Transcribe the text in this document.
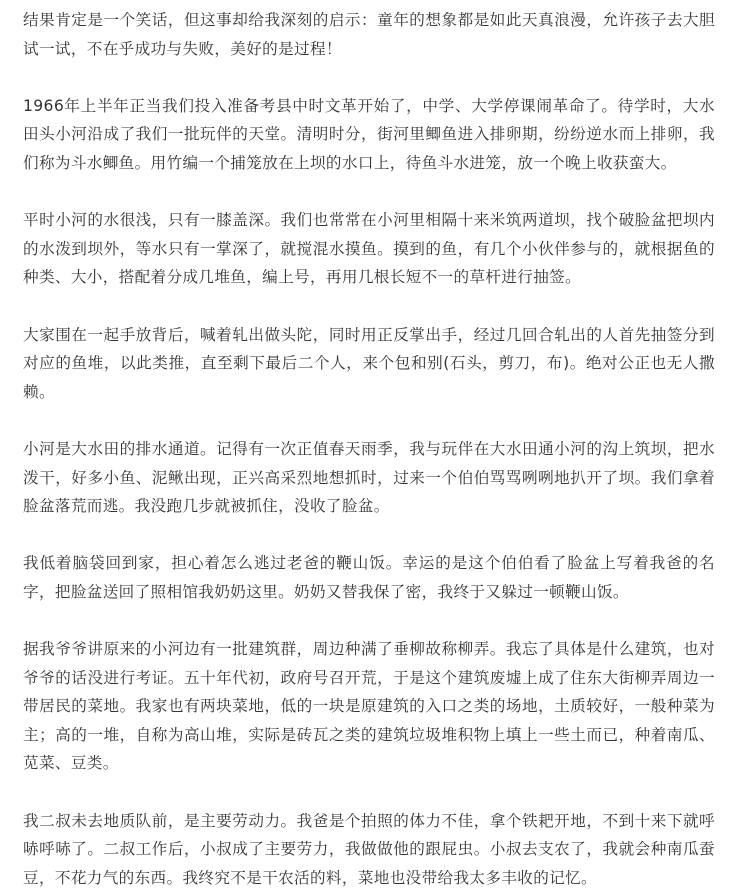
结果肯定是一个笑话，但这事却给我深刻的启示：童年的想象都是如此天真浪漫，允许孩子去大胆试一试，不在乎成功与失败，美好的是过程！

1966年上半年正当我们投入准备考县中时文革开始了，中学、大学停课闹革命了。待学时，大水田头小河沿成了我们一批玩伴的天堂。清明时分，街河里鲫鱼进入排卵期，纷纷逆水而上排卵，我们称为斗水鲫鱼。用竹编一个捕笼放在上坝的水口上，待鱼斗水进笼，放一个晚上收获蛮大。

平时小河的水很浅，只有一膝盖深。我们也常常在小河里相隔十来米筑两道坝，找个破脸盆把坝内的水泼到坝外，等水只有一掌深了，就搅混水摸鱼。摸到的鱼，有几个小伙伴参与的，就根据鱼的种类、大小，搭配着分成几堆鱼，编上号，再用几根长短不一的草杆进行抽签。

大家围在一起手放背后，喊着轧出做头陀，同时用正反掌出手，经过几回合轧出的人首先抽签分到对应的鱼堆，以此类推，直至剩下最后二个人，来个包和别(石头，剪刀，布)。绝对公正也无人撒赖。

小河是大水田的排水通道。记得有一次正值春天雨季，我与玩伴在大水田通小河的沟上筑坝，把水泼干，好多小鱼、泥鳅出现，正兴高采烈地想抓时，过来一个伯伯骂骂咧咧地扒开了坝。我们拿着脸盆落荒而逃。我没跑几步就被抓住，没收了脸盆。

我低着脑袋回到家，担心着怎么逃过老爸的鞭山饭。幸运的是这个伯伯看了脸盆上写着我爸的名字，把脸盆送回了照相馆我奶奶这里。奶奶又替我保了密，我终于又躲过一顿鞭山饭。

据我爷爷讲原来的小河边有一批建筑群，周边种满了垂柳故称柳弄。我忘了具体是什么建筑，也对爷爷的话没进行考证。五十年代初，政府号召开荒，于是这个建筑废墟上成了住东大街柳弄周边一带居民的菜地。我家也有两块菜地，低的一块是原建筑的入口之类的场地，土质较好，一般种菜为主；高的一堆，自称为高山堆，实际是砖瓦之类的建筑垃圾堆积物上填上一些土而已，种着南瓜、苋菜、豆类。

我二叔未去地质队前，是主要劳动力。我爸是个拍照的体力不佳，拿个铁耙开地，不到十来下就呼哧呼哧了。二叔工作后，小叔成了主要劳力，我做做他的跟屁虫。小叔去支农了，我就会种南瓜蚕豆，不花力气的东西。我终究不是干农活的料，菜地也没带给我太多丰收的记忆。
